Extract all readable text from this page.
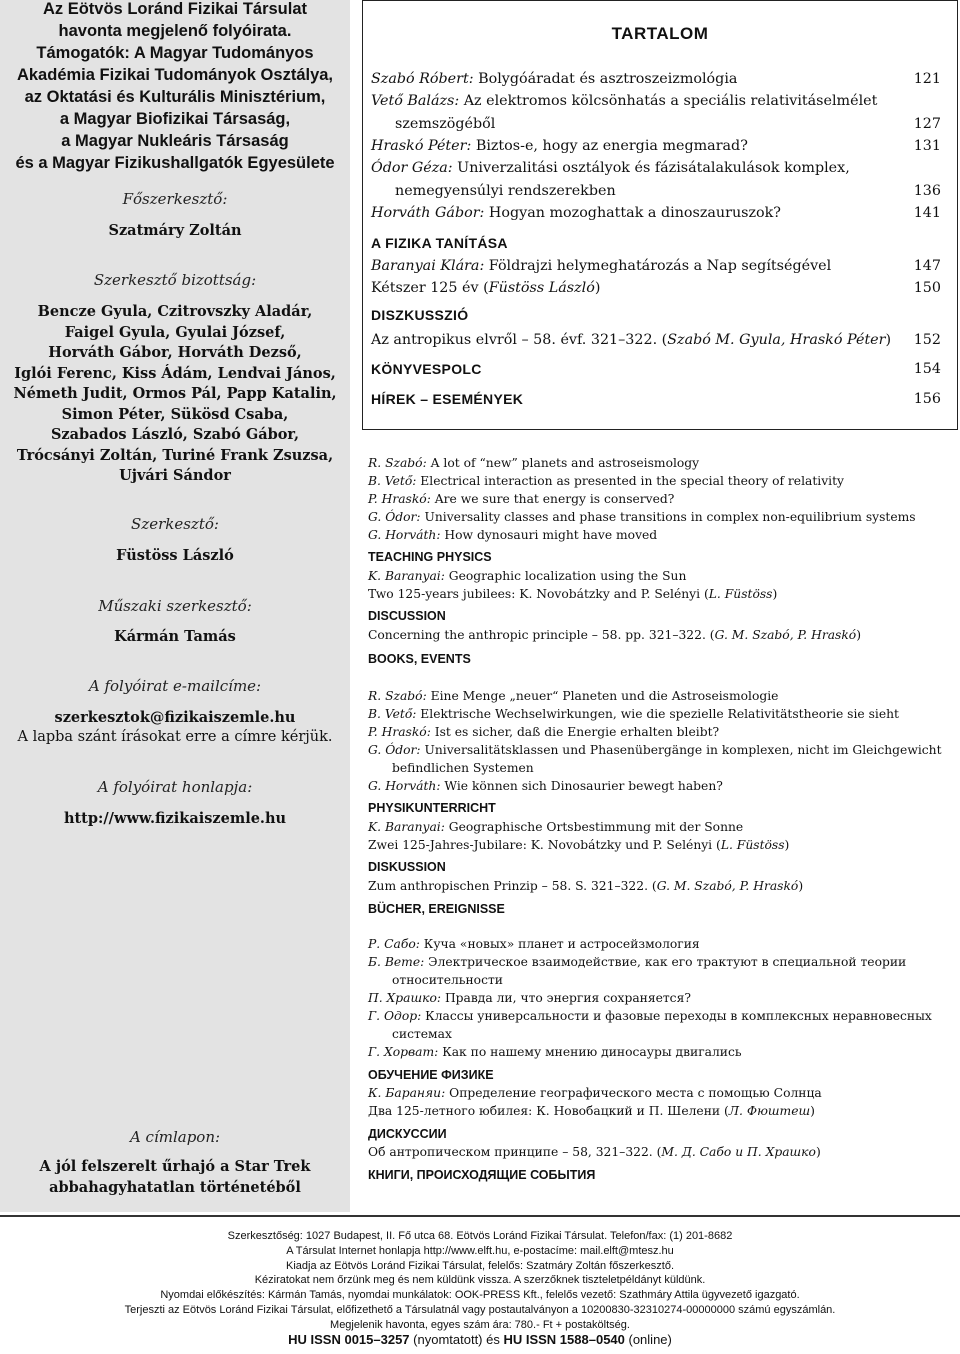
Az Eötvös Loránd Fizikai Társulat
havonta megjelenő folyóirata.
Támogatók: A Magyar Tudományos
Akadémia Fizikai Tudományok Osztálya,
az Oktatási és Kulturális Minisztérium,
a Magyar Biofizikai Társaság,
a Magyar Nukleáris Társaság
és a Magyar Fizikushallgatók Egyesülete
Főszerkesztő:
Szatmáry Zoltán
Szerkesztő bizottság:
Bencze Gyula, Czitrovszky Aladár,
Faigel Gyula, Gyulai József,
Horváth Gábor, Horváth Dezső,
Iglói Ferenc, Kiss Ádám, Lendvai János,
Németh Judit, Ormos Pál, Papp Katalin,
Simon Péter, Sükösd Csaba,
Szabados László, Szabó Gábor,
Trócsányi Zoltán, Turiné Frank Zsuzsa,
Ujvári Sándor
Szerkesztő:
Füstöss László
Műszaki szerkesztő:
Kármán Tamás
A folyóirat e-mailcíme:
szerkesztok@fizikaiszemle.hu
A lapba szánt írásokat erre a címre kérjük.
A folyóirat honlapja:
http://www.fizikaiszemle.hu
A címlapon:
A jól felszerelt űrhajó a Star Trek
abbahagyhatatlan történetéből
TARTALOM
Szabó Róbert: Bolygóáradat és asztroszeizmológia	121
Vető Balázs: Az elektromos kölcsönhatás a speciális relativitáselmélet
szemszögéből	127
Hraskó Péter: Biztos-e, hogy az energia megmarad?	131
Ódor Géza: Univerzalitási osztályok és fázisátalakulások komplex,
nemegyensúlyi rendszerekben	136
Horváth Gábor: Hogyan mozoghattak a dinoszauruszok?	141
A FIZIKA TANÍTÁSA
Baranyai Klára: Földrajzi helymeghatározás a Nap segítségével	147
Kétszer 125 év (Füstöss László)	150
DISZKUSSZIÓ
Az antropikus elvről – 58. évf. 321–322. (Szabó M. Gyula, Hraskó Péter) 152
KÖNYVESPOLC	154
HÍREK – ESEMÉNYEK	156
R. Szabó: A lot of “new” planets and astroseismology
B. Vető: Electrical interaction as presented in the special theory of relativity
P. Hraskó: Are we sure that energy is conserved?
G. Ódor: Universality classes and phase transitions in complex non-equilibrium systems
G. Horváth: How dynosauri might have moved
TEACHING PHYSICS
K. Baranyai: Geographic localization using the Sun
Two 125-years jubilees: K. Novobátzky and P. Selényi (L. Füstöss)
DISCUSSION
Concerning the anthropic principle – 58. pp. 321–322. (G. M. Szabó, P. Hraskó)
BOOKS, EVENTS
R. Szabó: Eine Menge „neuer“ Planeten und die Astroseismologie
B. Vető: Elektrische Wechselwirkungen, wie die spezielle Relativitätstheorie sie sieht
P. Hraskó: Ist es sicher, daß die Energie erhalten bleibt?
G. Ódor: Universalitätsklassen und Phasenübergänge in komplexen, nicht im Gleichgewicht
befindlichen Systemen
G. Horváth: Wie können sich Dinosaurier bewegt haben?
PHYSIKUNTERRICHT
K. Baranyai: Geographische Ortsbestimmung mit der Sonne
Zwei 125-Jahres-Jubilare: K. Novobátzky und P. Selényi (L. Füstöss)
DISKUSSION
Zum anthropischen Prinzip – 58. S. 321–322. (G. M. Szabó, P. Hraskó)
BÜCHER, EREIGNISSE
Р. Сабо: Куча «новых» планет и астросейзмология
Б. Вете: Электрическое взаимодействие, как его трактуют в специальной теории
относительности
П. Храшко: Правда ли, что энергия сохраняется?
Г. Одор: Классы универсальности и фазовые переходы в комплексных неравновесных
системах
Г. Хорват: Как по нашему мнению диносауры двигались
ОБУЧЕНИЕ ФИЗИКЕ
К. Бараняи: Определение географического места с помощью Солнца
Два 125-летного юбилея: К. Новобацкий и П. Шелени (Л. Фюштеш)
ДИСКУССИИ
Об антропическом принципе – 58, 321–322. (М. Д. Сабо и П. Храшко)
КНИГИ, ПРОИСХОДЯЩИЕ СОБЫТИЯ
Szerkesztőség: 1027 Budapest, II. Fő utca 68. Eötvös Loránd Fizikai Társulat. Telefon/fax: (1) 201-8682
A Társulat Internet honlapja http://www.elft.hu, e-postacíme: mail.elft@mtesz.hu
Kiadja az Eötvös Loránd Fizikai Társulat, felelős: Szatmáry Zoltán főszerkesztő.
Kéziratokat nem őrzünk meg és nem küldünk vissza. A szerzőknek tiszteletpéldányt küldünk.
Nyomdai előkészítés: Kármán Tamás, nyomdai munkálatok: OOK-PRESS Kft., felelős vezető: Szathmáry Attila ügyvezető igazgató.
Terjeszti az Eötvös Loránd Fizikai Társulat, előfizethető a Társulatnál vagy postautalványon a 10200830-32310274-00000000 számú egyszámlán.
Megjelenik havonta, egyes szám ára: 780.- Ft + postaköltség.
HU ISSN 0015–3257 (nyomtatott) és HU ISSN 1588–0540 (online)
